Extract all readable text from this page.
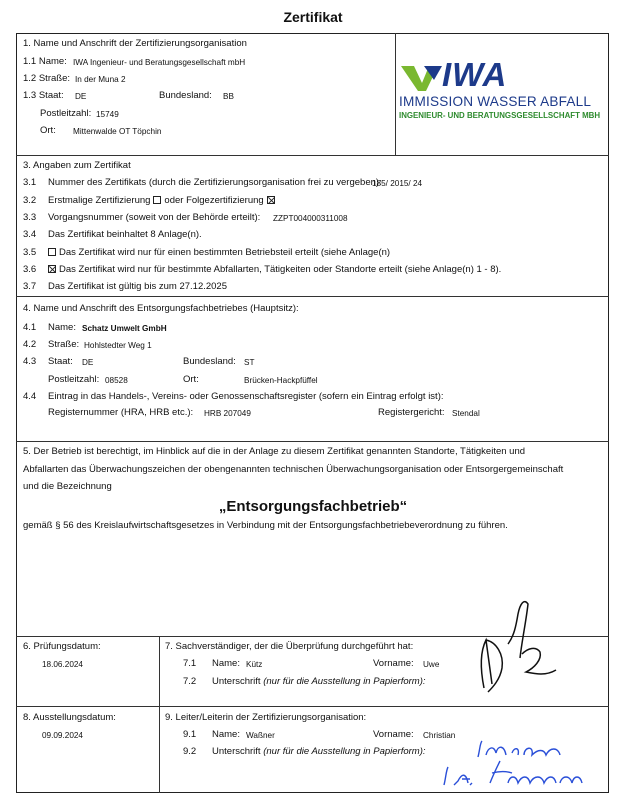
Zertifikat
1. Name und Anschrift der Zertifizierungsorganisation
1.1 Name: IWA Ingenieur- und Beratungsgesellschaft mbH
1.2 Straße: In der Muna 2
1.3 Staat: DE	Bundesland: BB
Postleitzahl: 15749
Ort: Mittenwalde OT Töpchin
IWA
IMMISSION WASSER ABFALL
INGENIEUR- UND BERATUNGSGESELLSCHAFT MBH
3. Angaben zum Zertifikat
3.1 Nummer des Zertifikats (durch die Zertifizierungsorganisation frei zu vergeben):
185/ 2015/ 24
3.2 Erstmalige Zertifizierung oder Folgezertifizierung
3.3 Vorgangsnummer (soweit von der Behörde erteilt): ZZPT004000311008
3.4 Das Zertifikat beinhaltet 8 Anlage(n).
3.5	Das Zertifikat wird nur für einen bestimmten Betriebsteil erteilt (siehe Anlage(n)
3.6	Das Zertifikat wird nur für bestimmte Abfallarten, Tätigkeiten oder Standorte erteilt (siehe Anlage(n) 1 - 8).
3.7 Das Zertifikat ist gültig bis zum 27.12.2025
4. Name und Anschrift des Entsorgungsfachbetriebes (Hauptsitz):
4.1 Name: Schatz Umwelt GmbH
4.2 Straße: Hohlstedter Weg 1
4.3 Staat: DE	Bundesland: ST
Postleitzahl: 08528	Ort:	Brücken-Hackpfüffel
4.4 Eintrag in das Handels-, Vereins- oder Genossenschaftsregister (sofern ein Eintrag erfolgt ist):
Registernummer (HRA, HRB etc.): HRB 207049	Registergericht: Stendal
5. Der Betrieb ist berechtigt, im Hinblick auf die in der Anlage zu diesem Zertifikat genannten Standorte, Tätigkeiten und
Abfallarten das Überwachungszeichen der obengenannten technischen Überwachungsorganisation oder Entsorgergemeinschaft
und die Bezeichnung
„Entsorgungsfachbetrieb“
gemäß § 56 des Kreislaufwirtschaftsgesetzes in Verbindung mit der Entsorgungsfachbetriebeverordnung zu führen.
6. Prüfungsdatum:
18.06.2024
7. Sachverständiger, der die Überprüfung durchgeführt hat:
7.1 Name: Kütz	Vorname: Uwe
7.2 Unterschrift (nur für die Ausstellung in Papierform):
8. Ausstellungsdatum:
09.09.2024
9. Leiter/Leiterin der Zertifizierungsorganisation:
9.1 Name: Waßner	Vorname: Christian
9.2 Unterschrift (nur für die Ausstellung in Papierform):
